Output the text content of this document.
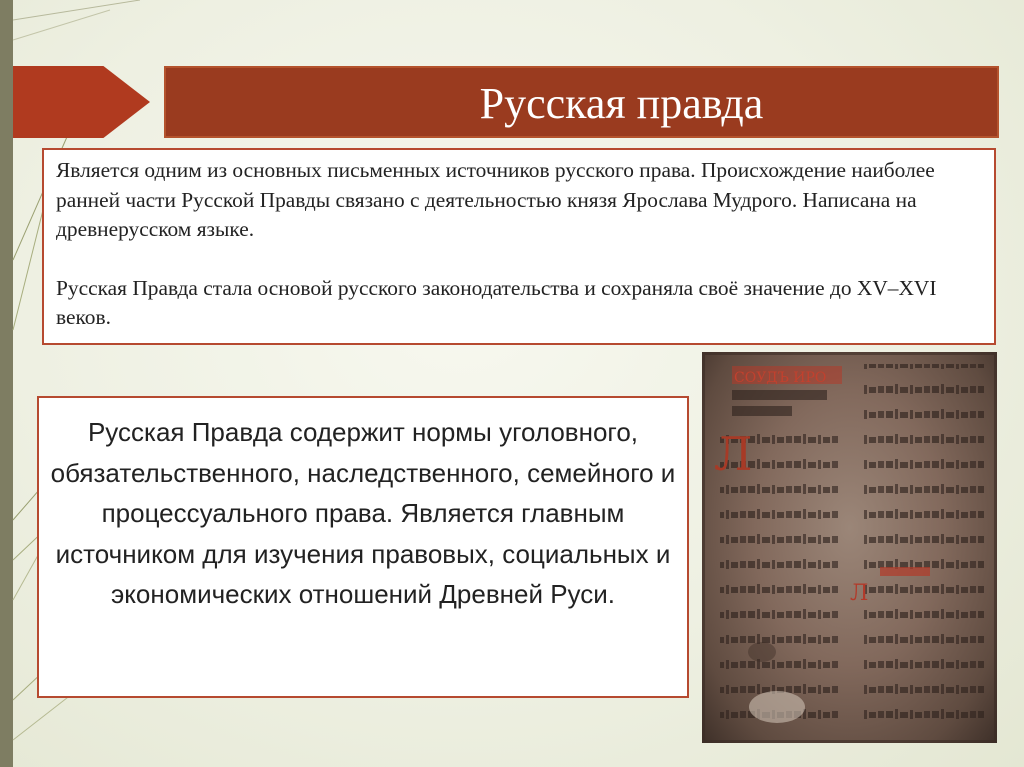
Русская правда

Является одним из основных письменных источников русского права. Происхождение наиболее ранней части Русской Правды связано с деятельностью князя Ярослава Мудрого. Написана на древнерусском языке.

Русская Правда стала основой русского законодательства и сохраняла своё значение до XV–XVI веков.

СОУДЪ ИРО
Л
Л
Русская Правда содержит нормы уголовного, обязательственного, наследственного, семейного и процессуального права. Является главным источником для изучения правовых, социальных и экономических отношений Древней Руси.
